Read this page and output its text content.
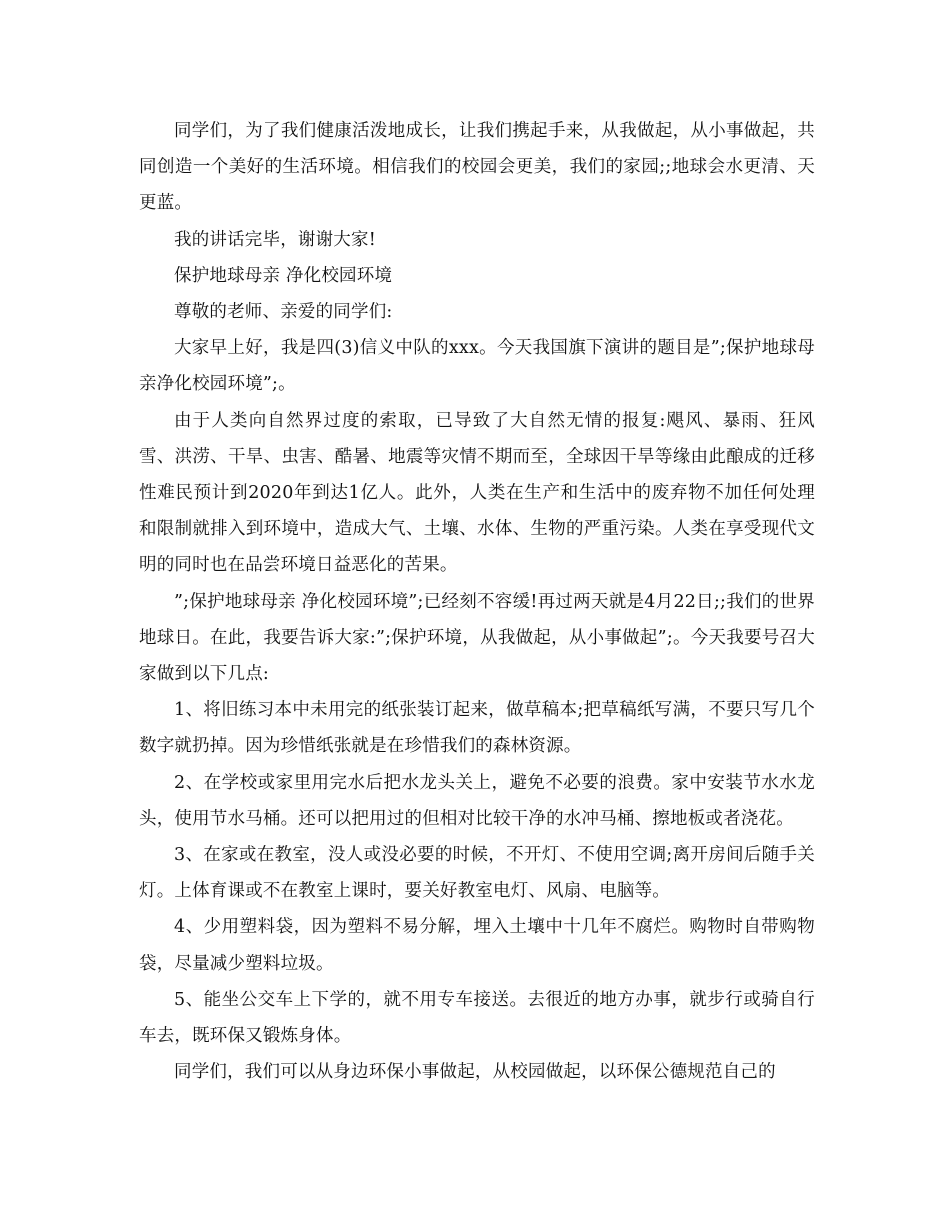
同学们，为了我们健康活泼地成长，让我们携起手来，从我做起，从小事做起，共同创造一个美好的生活环境。相信我们的校园会更美，我们的家园;;地球会水更清、天更蓝。

我的讲话完毕，谢谢大家!

保护地球母亲 净化校园环境

尊敬的老师、亲爱的同学们:

大家早上好，我是四(3)信义中队的xxx。今天我国旗下演讲的题目是”;保护地球母亲净化校园环境”;。

由于人类向自然界过度的索取，已导致了大自然无情的报复:飓风、暴雨、狂风雪、洪涝、干旱、虫害、酷暑、地震等灾情不期而至，全球因干旱等缘由此酿成的迁移性难民预计到2020年到达1亿人。此外，人类在生产和生活中的废弃物不加任何处理和限制就排入到环境中，造成大气、土壤、水体、生物的严重污染。人类在享受现代文明的同时也在品尝环境日益恶化的苦果。

”;保护地球母亲 净化校园环境”;已经刻不容缓!再过两天就是4月22日;;我们的世界地球日。在此，我要告诉大家:”;保护环境，从我做起，从小事做起”;。今天我要号召大家做到以下几点:

1、将旧练习本中未用完的纸张装订起来，做草稿本;把草稿纸写满，不要只写几个数字就扔掉。因为珍惜纸张就是在珍惜我们的森林资源。

2、在学校或家里用完水后把水龙头关上，避免不必要的浪费。家中安装节水水龙头，使用节水马桶。还可以把用过的但相对比较干净的水冲马桶、擦地板或者浇花。

3、在家或在教室，没人或没必要的时候，不开灯、不使用空调;离开房间后随手关灯。上体育课或不在教室上课时，要关好教室电灯、风扇、电脑等。

4、少用塑料袋，因为塑料不易分解，埋入土壤中十几年不腐烂。购物时自带购物袋，尽量减少塑料垃圾。

5、能坐公交车上下学的，就不用专车接送。去很近的地方办事，就步行或骑自行车去，既环保又锻炼身体。

同学们，我们可以从身边环保小事做起，从校园做起，以环保公德规范自己的
